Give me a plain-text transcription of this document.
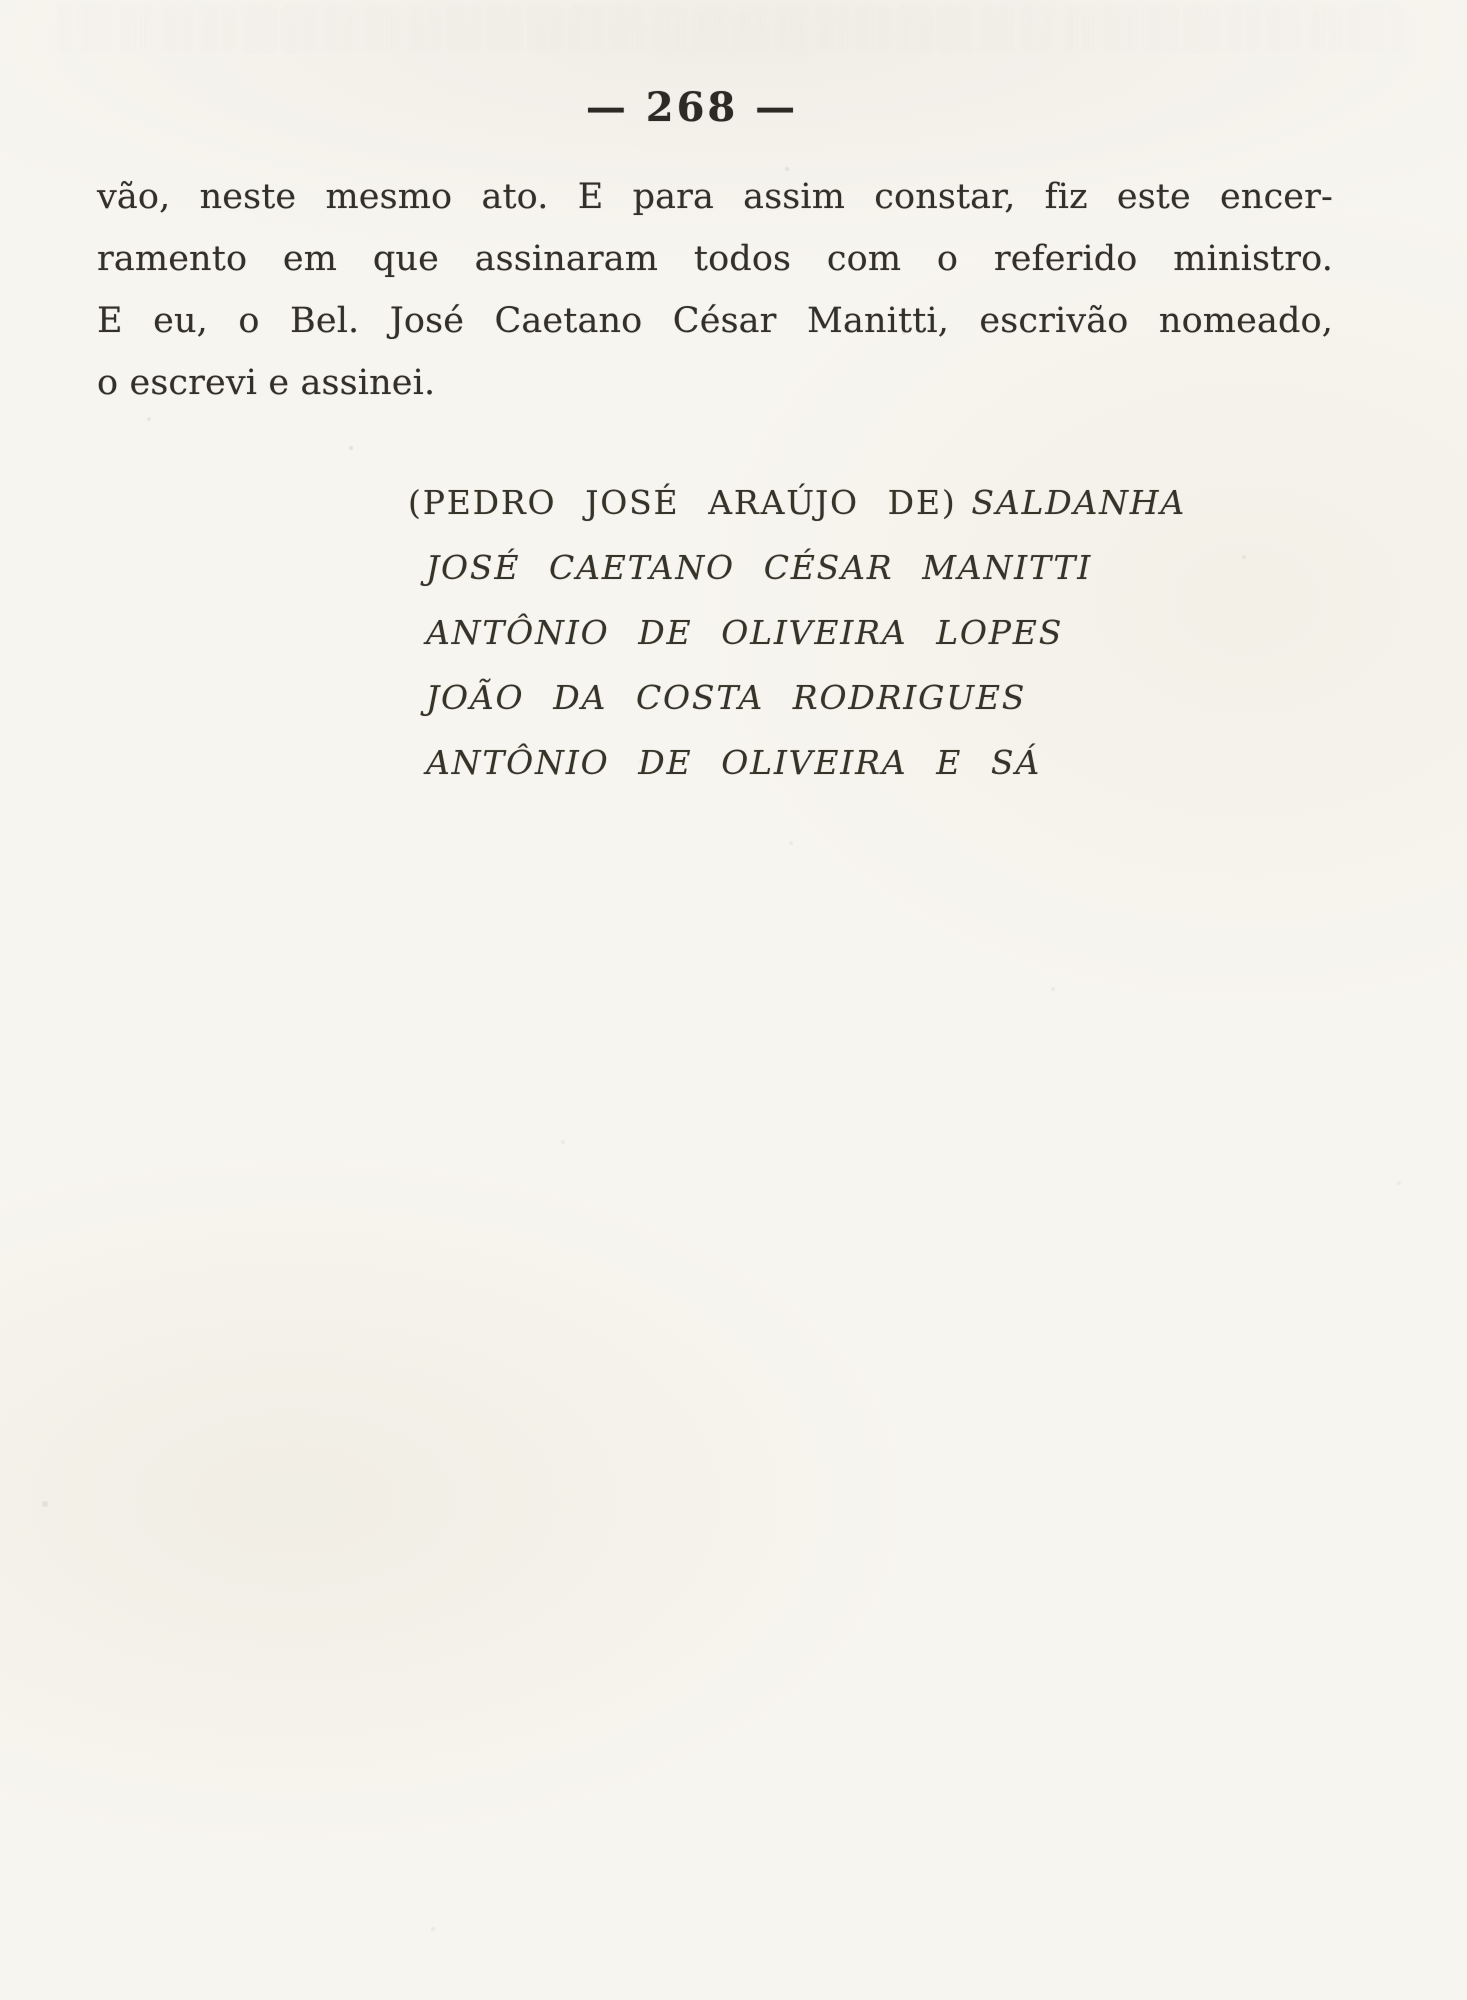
— 268 —
vão, neste mesmo ato. E para assim constar, fiz este encer-
ramento em que assinaram todos com o referido ministro.
E eu, o Bel. José Caetano César Manitti, escrivão nomeado,
o escrevi e assinei.
(PEDRO JOSÉ ARAÚJO DE) SALDANHA
JOSÉ CAETANO CÉSAR MANITTI
ANTÔNIO DE OLIVEIRA LOPES
JOÃO DA COSTA RODRIGUES
ANTÔNIO DE OLIVEIRA E SÁ
